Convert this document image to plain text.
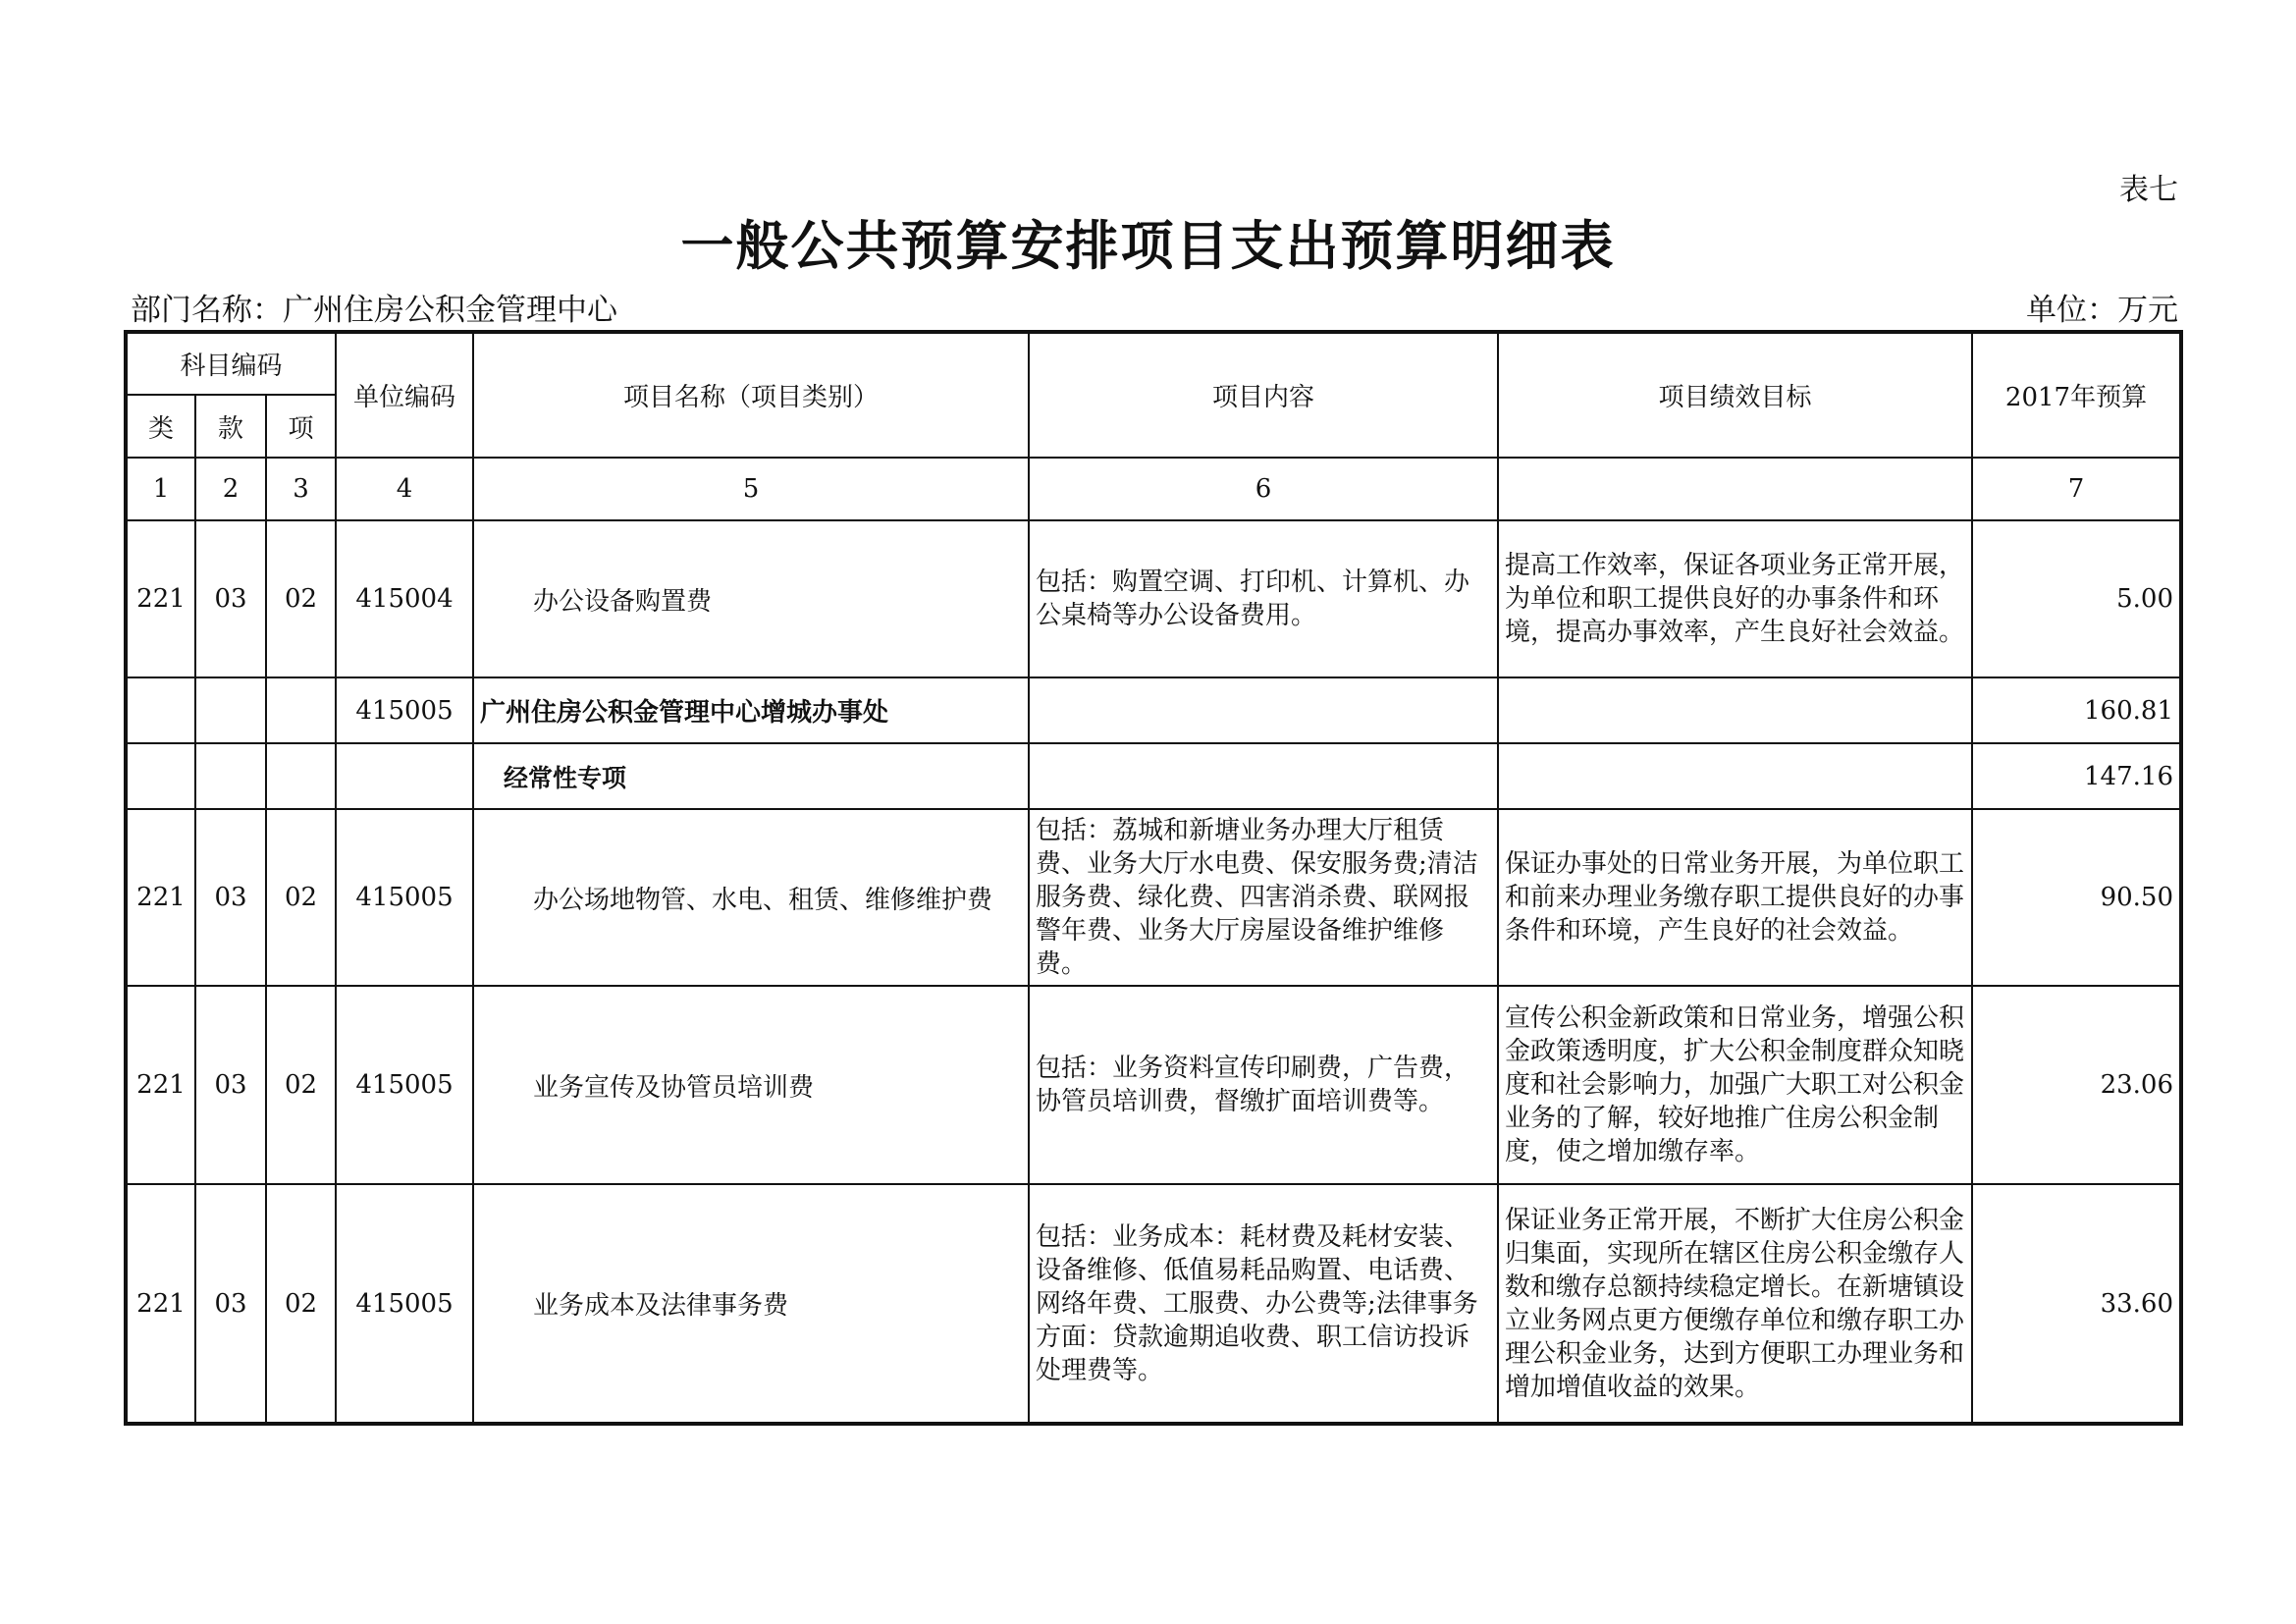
表七
一般公共预算安排项目支出预算明细表
部门名称：广州住房公积金管理中心	单位：万元
科目编码			单位编码	项目名称（项目类别）	项目内容	项目绩效目标	2017年预算
类	款	项					
1	2	3	4	5	6		7
221	03	02	415004	办公设备购置费	包括：购置空调、打印机、计算机、办公桌椅等办公设备费用。	提高工作效率，保证各项业务正常开展，为单位和职工提供良好的办事条件和环境，提高办事效率，产生良好社会效益。	5.00
			415005	广州住房公积金管理中心增城办事处			160.81
				经常性专项			147.16
221	03	02	415005	办公场地物管、水电、租赁、维修维护费	包括：荔城和新塘业务办理大厅租赁费、业务大厅水电费、保安服务费;清洁服务费、绿化费、四害消杀费、联网报警年费、业务大厅房屋设备维护维修费。	保证办事处的日常业务开展，为单位职工和前来办理业务缴存职工提供良好的办事条件和环境，产生良好的社会效益。	90.50
221	03	02	415005	业务宣传及协管员培训费	包括：业务资料宣传印刷费，广告费，协管员培训费，督缴扩面培训费等。	宣传公积金新政策和日常业务，增强公积金政策透明度，扩大公积金制度群众知晓度和社会影响力，加强广大职工对公积金业务的了解，较好地推广住房公积金制度，使之增加缴存率。	23.06
221	03	02	415005	业务成本及法律事务费	包括：业务成本：耗材费及耗材安装、设备维修、低值易耗品购置、电话费、网络年费、工服费、办公费等;法律事务方面：贷款逾期追收费、职工信访投诉处理费等。	保证业务正常开展，不断扩大住房公积金归集面，实现所在辖区住房公积金缴存人数和缴存总额持续稳定增长。在新塘镇设立业务网点更方便缴存单位和缴存职工办理公积金业务，达到方便职工办理业务和增加增值收益的效果。	33.60
